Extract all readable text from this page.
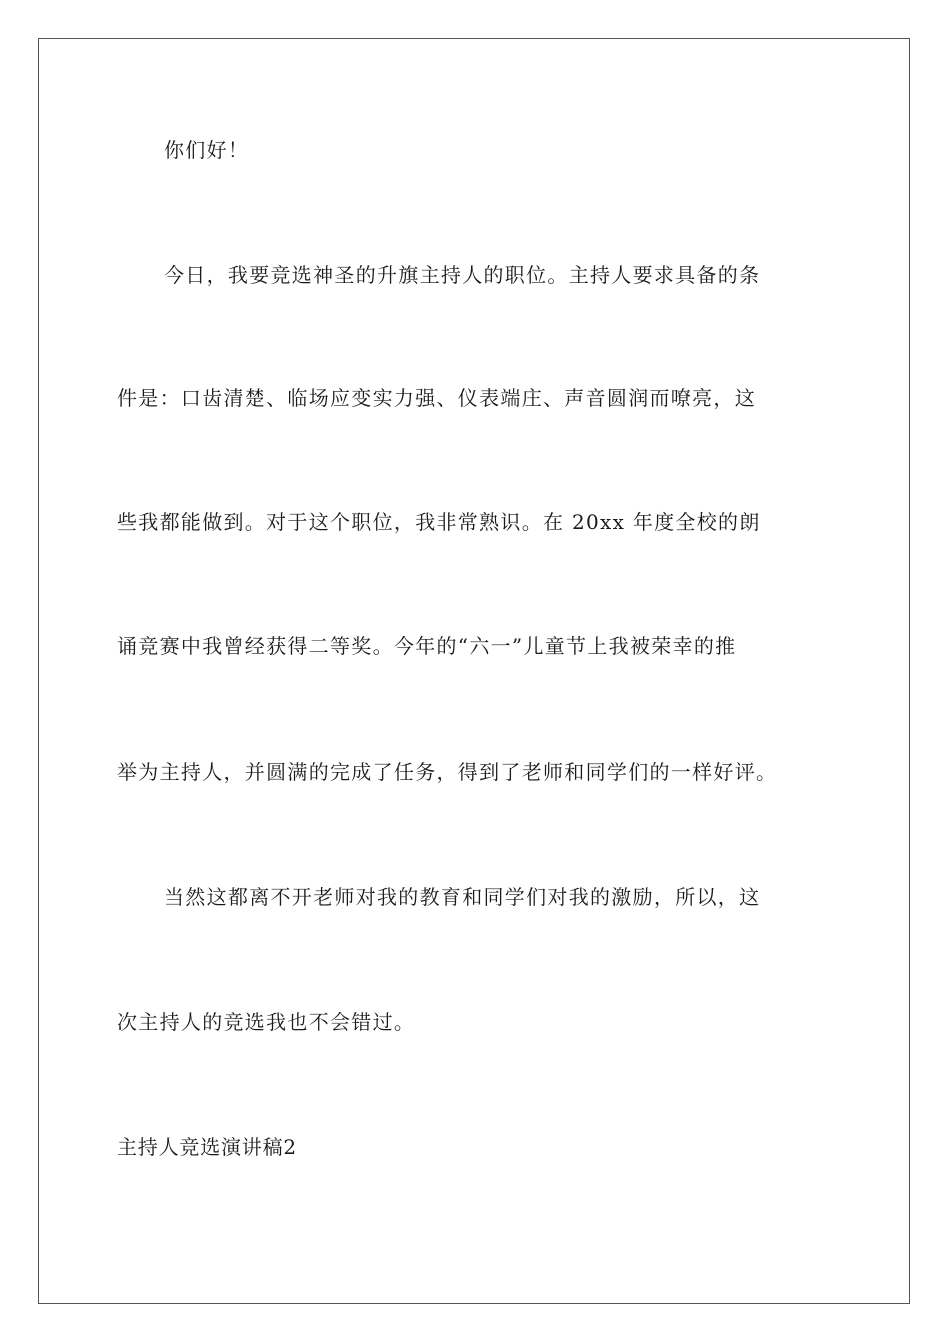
你们好！
今日，我要竞选神圣的升旗主持人的职位。主持人要求具备的条
件是：口齿清楚、临场应变实力强、仪表端庄、声音圆润而嘹亮，这
些我都能做到。对于这个职位，我非常熟识。在 20xx 年度全校的朗
诵竞赛中我曾经获得二等奖。今年的“六一”儿童节上我被荣幸的推
举为主持人，并圆满的完成了任务，得到了老师和同学们的一样好评。
当然这都离不开老师对我的教育和同学们对我的激励，所以，这
次主持人的竞选我也不会错过。
主持人竞选演讲稿2
